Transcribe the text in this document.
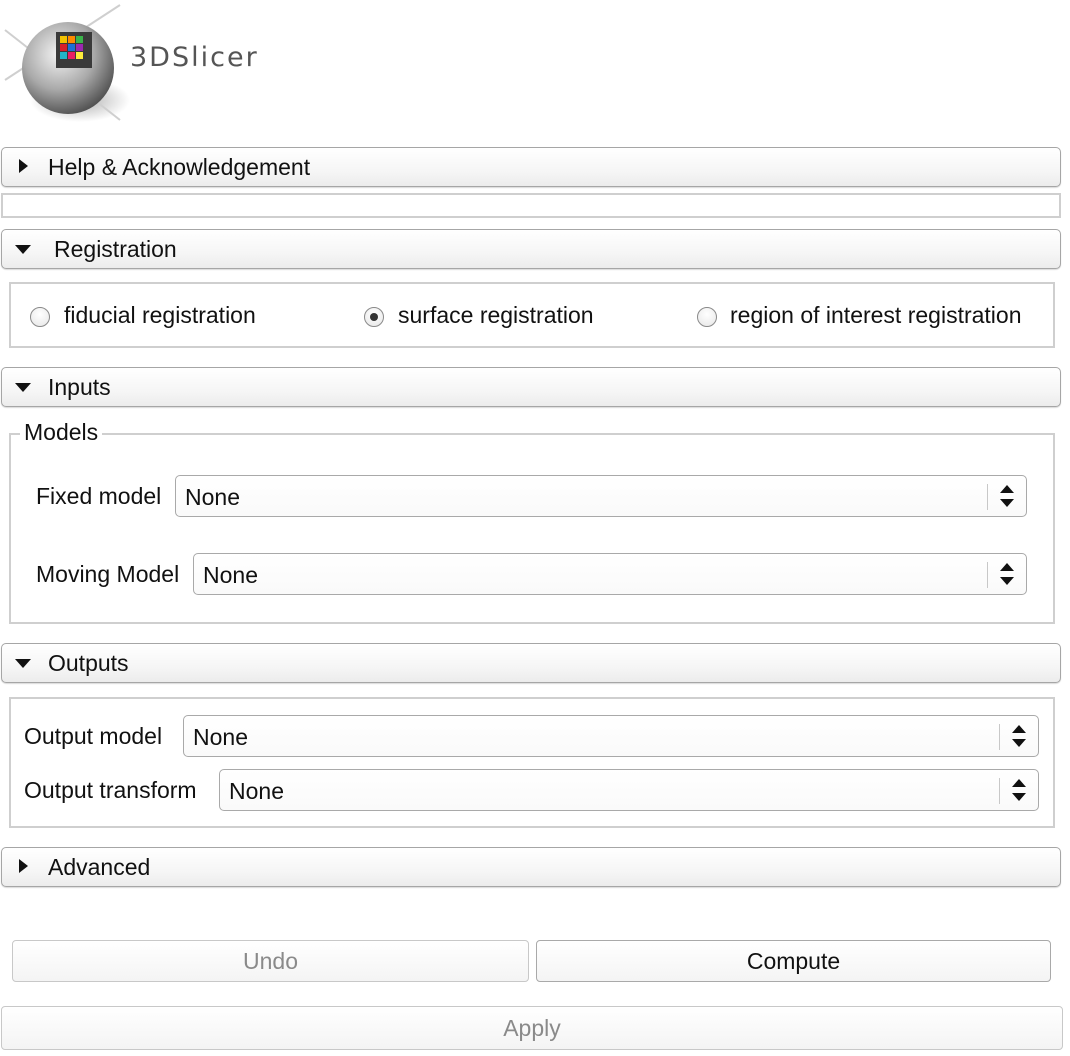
3DSlicer
Help & Acknowledgement
Registration
fiducial registration	surface registration	region of interest registration
Inputs
Models
Fixed model None
Moving Model None
Outputs
Output model None
Output transform None
Advanced
Undo	Compute
Apply
